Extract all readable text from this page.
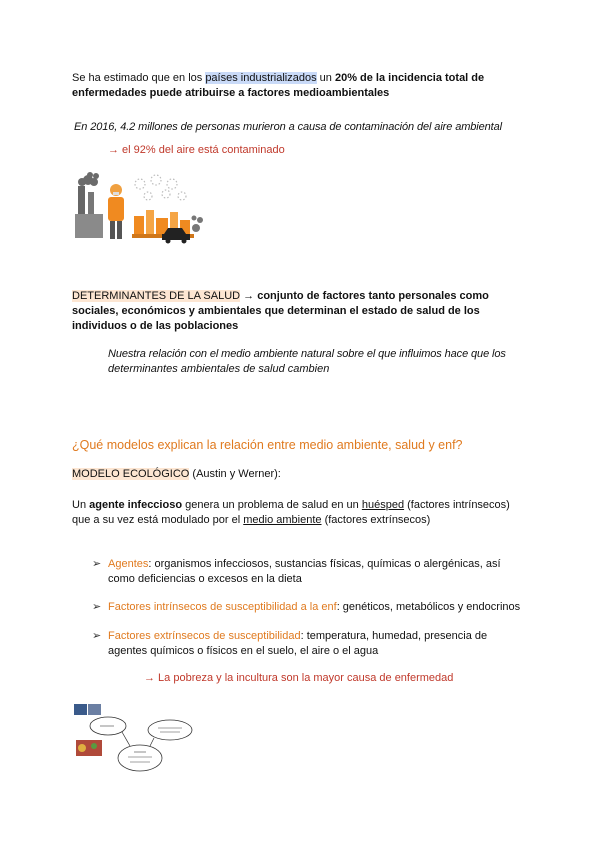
Se ha estimado que en los países industrializados un 20% de la incidencia total de
enfermedades puede atribuirse a factores medioambientales
En 2016, 4.2 millones de personas murieron a causa de contaminación del aire ambiental
→ el 92% del aire está contaminado
DETERMINANTES DE LA SALUD → conjunto de factores tanto personales como
sociales, económicos y ambientales que determinan el estado de salud de los
individuos o de las poblaciones
Nuestra relación con el medio ambiente natural sobre el que influimos hace que los
determinantes ambientales de salud cambien
¿Qué modelos explican la relación entre medio ambiente, salud y enf?
MODELO ECOLÓGICO (Austin y Werner):
Un agente infeccioso genera un problema de salud en un huésped (factores intrínsecos)
que a su vez está modulado por el medio ambiente (factores extrínsecos)
➢ Agentes: organismos infecciosos, sustancias físicas, químicas o alergénicas, así
como deficiencias o excesos en la dieta
➢ Factores intrínsecos de susceptibilidad a la enf: genéticos, metabólicos y endocrinos
➢ Factores extrínsecos de susceptibilidad: temperatura, humedad, presencia de
agentes químicos o físicos en el suelo, el aire o el agua
→ La pobreza y la incultura son la mayor causa de enfermedad
